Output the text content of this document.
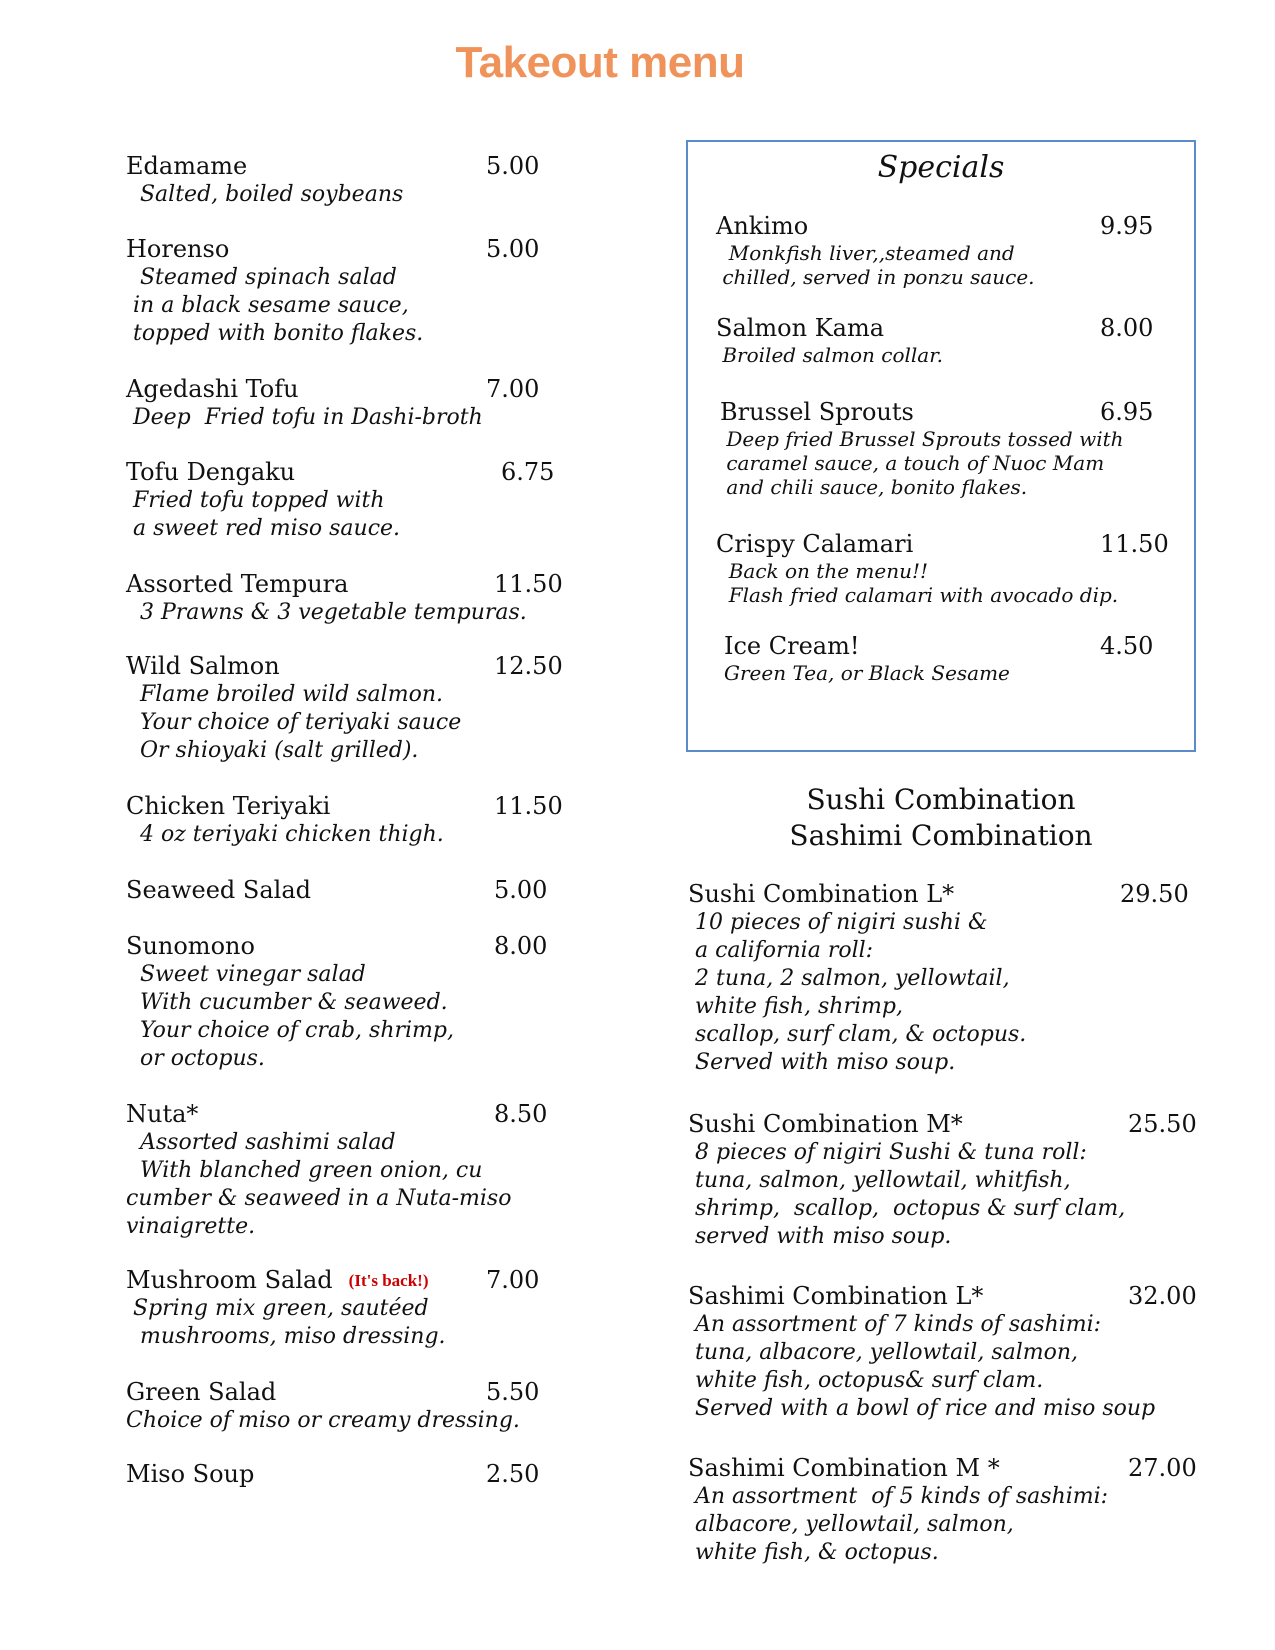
Takeout menu
Edamame	5.00
Salted, boiled soybeans
Horenso	5.00
Steamed spinach salad
in a black sesame sauce,
topped with bonito flakes.
Agedashi Tofu	7.00
Deep  Fried tofu in Dashi-broth
Tofu Dengaku	6.75
Fried tofu topped with
a sweet red miso sauce.
Assorted Tempura	11.50
3 Prawns & 3 vegetable tempuras.
Wild Salmon	12.50
Flame broiled wild salmon.
Your choice of teriyaki sauce
Or shioyaki (salt grilled).
Chicken Teriyaki	11.50
4 oz teriyaki chicken thigh.
Seaweed Salad	5.00
Sunomono	8.00
Sweet vinegar salad
With cucumber & seaweed.
Your choice of crab, shrimp,
or octopus.
Nuta*	8.50
Assorted sashimi salad
With blanched green onion, cu
cumber & seaweed in a Nuta-miso
vinaigrette.
Mushroom Salad (It's back!) 7.00
Spring mix green, sautéed
mushrooms, miso dressing.
Green Salad	5.50
Choice of miso or creamy dressing.
Miso Soup	2.50
Specials
Ankimo	9.95
Monkfish liver,,steamed and
chilled, served in ponzu sauce.
Salmon Kama	8.00
Broiled salmon collar.
Brussel Sprouts	6.95
Deep fried Brussel Sprouts tossed with
caramel sauce, a touch of Nuoc Mam
and chili sauce, bonito flakes.
Crispy Calamari	11.50
Back on the menu!!
Flash fried calamari with avocado dip.
Ice Cream!	4.50
Green Tea, or Black Sesame
Sushi Combination
Sashimi Combination
Sushi Combination L*	29.50
10 pieces of nigiri sushi &
a california roll:
2 tuna, 2 salmon, yellowtail,
white fish, shrimp,
scallop, surf clam, & octopus.
Served with miso soup.
Sushi Combination M*	25.50
8 pieces of nigiri Sushi & tuna roll:
tuna, salmon, yellowtail, whitfish,
shrimp,  scallop,  octopus & surf clam,
served with miso soup.
Sashimi Combination L*	32.00
An assortment of 7 kinds of sashimi:
tuna, albacore, yellowtail, salmon,
white fish, octopus& surf clam.
Served with a bowl of rice and miso soup
Sashimi Combination M *	27.00
An assortment  of 5 kinds of sashimi:
albacore, yellowtail, salmon,
white fish, & octopus.
